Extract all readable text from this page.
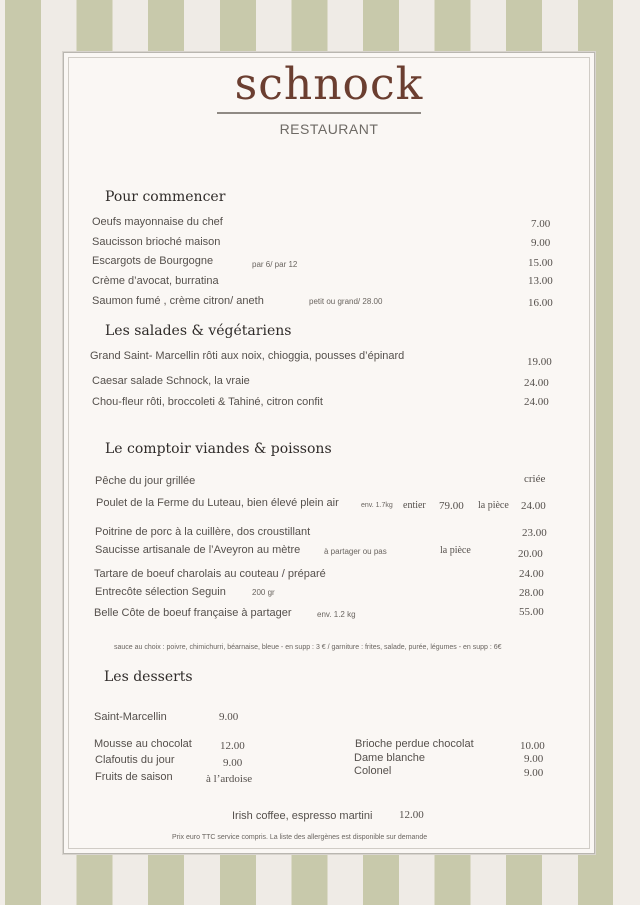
schnock
RESTAURANT
Pour commencer
Oeufs mayonnaise du chef	7.00
Saucisson brioché maison	9.00
Escargots de Bourgogne	par 6/ par 12	15.00
Crème d’avocat, burratina	13.00
Saumon fumé , crème citron/ aneth	petit ou grand/ 28.00	16.00
Les salades & végétariens
Grand Saint- Marcellin rôti aux noix, chioggia, pousses d’épinard	19.00
Caesar salade Schnock, la vraie	24.00
Chou-fleur rôti, broccoleti & Tahiné, citron confit	24.00
Le comptoir viandes & poissons
Pêche du jour grillée	criée
Poulet de la Ferme du Luteau, bien élevé plein air	env. 1.7kg entier 79.00 la pièce 24.00
Poitrine de porc à la cuillère, dos croustillant	23.00
Saucisse artisanale de l’Aveyron au mètre	à partager ou pas	la pièce	20.00
Tartare de boeuf charolais au couteau / préparé	24.00
Entrecôte sélection Seguin	200 gr	28.00
Belle Côte de boeuf française à partager	env. 1.2 kg	55.00
sauce au choix : poivre, chimichurri, béarnaise, bleue - en supp : 3 € / garniture : frites, salade, purée, légumes - en supp : 6€
Les desserts
Saint-Marcellin	9.00
Mousse au chocolat	12.00
Clafoutis du jour	9.00
Fruits de saison	à l’ardoise
Brioche perdue chocolat	10.00
Dame blanche	9.00
Colonel	9.00
Irish coffee, espresso martini 12.00
Prix euro TTC service compris. La liste des allergènes est disponible sur demande
